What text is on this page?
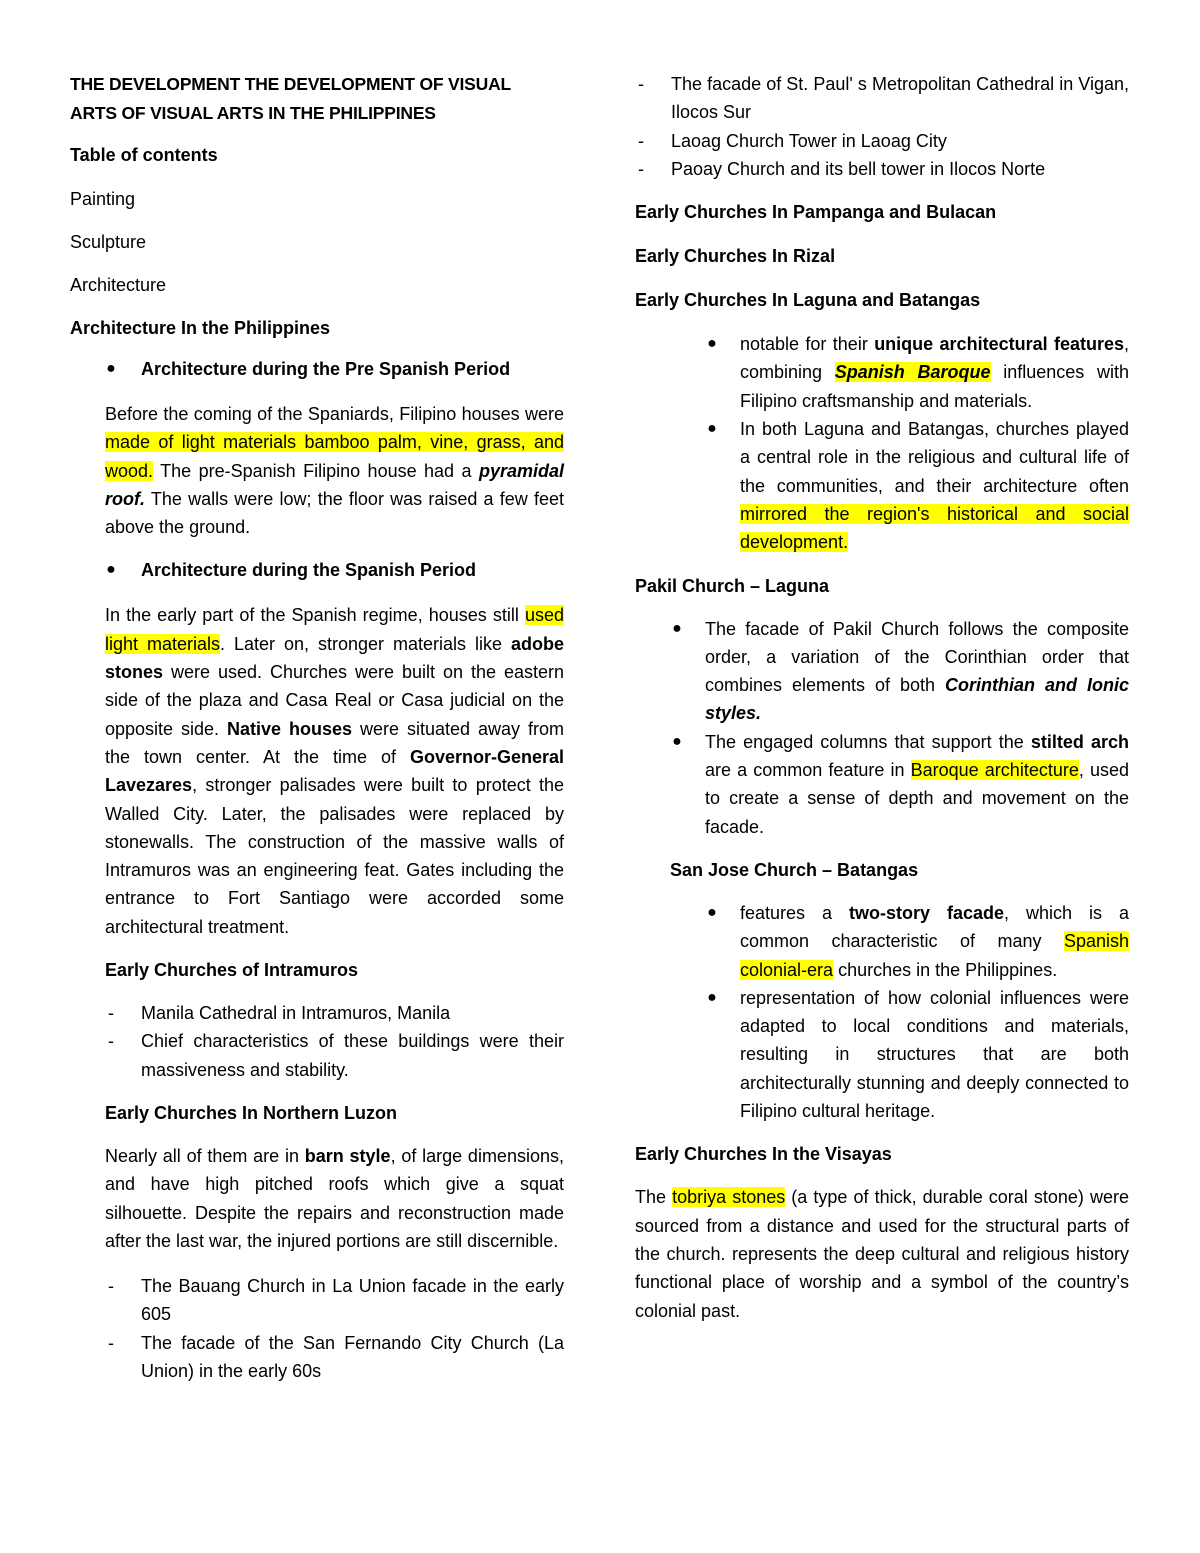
THE DEVELOPMENT THE DEVELOPMENT OF VISUAL
ARTS OF VISUAL ARTS IN THE PHILIPPINES
Table of contents
Painting
Sculpture
Architecture
Architecture In the Philippines
● Architecture during the Pre Spanish Period

Before the coming of the Spaniards, Filipino houses were made of light materials bamboo palm, vine, grass, and wood. The pre-Spanish Filipino house had a pyramidal roof. The walls were low; the floor was raised a few feet above the ground.

● Architecture during the Spanish Period

In the early part of the Spanish regime, houses still used light materials. Later on, stronger materials like adobe stones were used. Churches were built on the eastern side of the plaza and Casa Real or Casa judicial on the opposite side. Native houses were situated away from the town center. At the time of Governor-General Lavezares, stronger palisades were built to protect the Walled City. Later, the palisades were replaced by stonewalls. The construction of the massive walls of Intramuros was an engineering feat. Gates including the entrance to Fort Santiago were accorded some architectural treatment.

Early Churches of Intramuros
- Manila Cathedral in Intramuros, Manila
- Chief characteristics of these buildings were their massiveness and stability.
Early Churches In Northern Luzon

Nearly all of them are in barn style, of large dimensions, and have high pitched roofs which give a squat silhouette. Despite the repairs and reconstruction made after the last war, the injured portions are still discernible.

- The Bauang Church in La Union facade in the early 605
- The facade of the San Fernando City Church (La Union) in the early 60s
- The facade of St. Paul' s Metropolitan Cathedral in Vigan, Ilocos Sur
- Laoag Church Tower in Laoag City
- Paoay Church and its bell tower in Ilocos Norte
Early Churches In Pampanga and Bulacan
Early Churches In Rizal
Early Churches In Laguna and Batangas
● notable for their unique architectural features, combining Spanish Baroque influences with Filipino craftsmanship and materials.
● In both Laguna and Batangas, churches played a central role in the religious and cultural life of the communities, and their architecture often mirrored the region's historical and social development.
Pakil Church – Laguna
● The facade of Pakil Church follows the composite order, a variation of the Corinthian order that combines elements of both Corinthian and Ionic styles.
● The engaged columns that support the stilted arch are a common feature in Baroque architecture, used to create a sense of depth and movement on the facade.
San Jose Church – Batangas
● features a two-story facade, which is a common characteristic of many Spanish colonial-era churches in the Philippines.
● representation of how colonial influences were adapted to local conditions and materials, resulting in structures that are both architecturally stunning and deeply connected to Filipino cultural heritage.
Early Churches In the Visayas

The tobriya stones (a type of thick, durable coral stone) were sourced from a distance and used for the structural parts of the church. represents the deep cultural and religious history functional place of worship and a symbol of the country’s colonial past.
